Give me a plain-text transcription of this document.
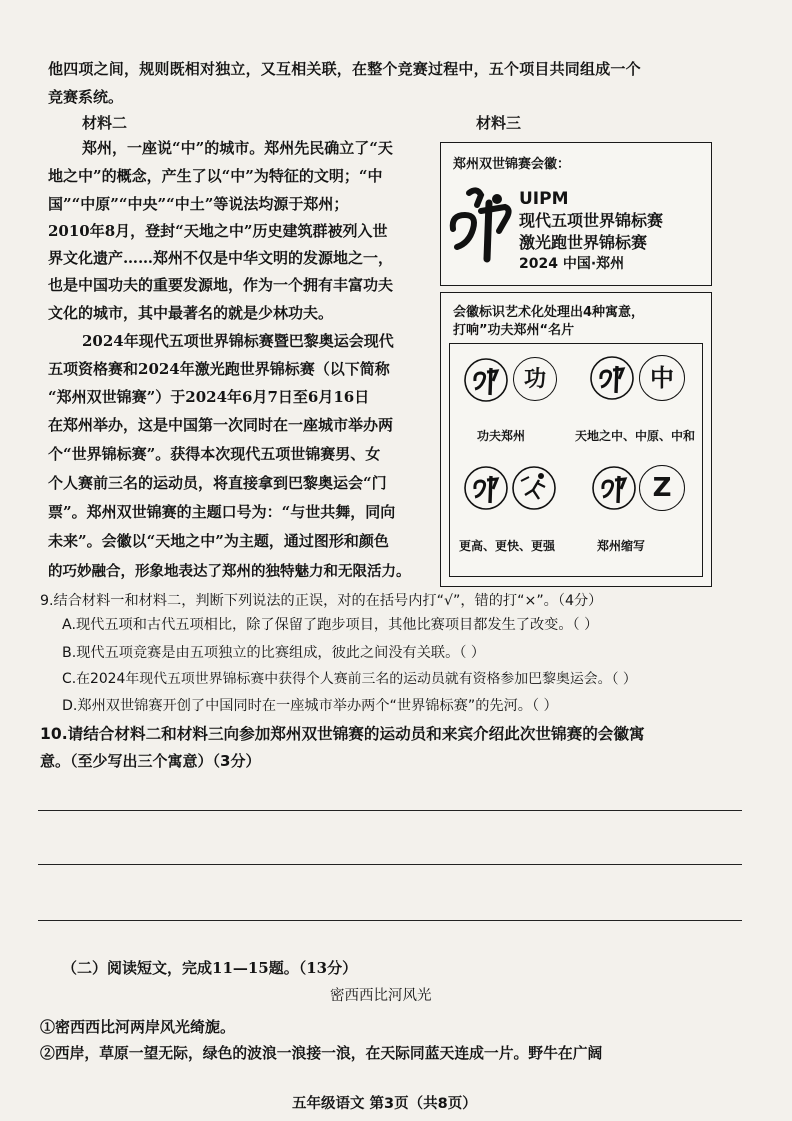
他四项之间，规则既相对独立，又互相关联，在整个竞赛过程中，五个项目共同组成一个
竞赛系统。
材料二
郑州，一座说“中”的城市。郑州先民确立了“天
地之中”的概念，产生了以“中”为特征的文明；“中
国”“中原”“中央”“中土”等说法均源于郑州；
2010年8月，登封“天地之中”历史建筑群被列入世
界文化遗产……郑州不仅是中华文明的发源地之一，
也是中国功夫的重要发源地，作为一个拥有丰富功夫
文化的城市，其中最著名的就是少林功夫。
2024年现代五项世界锦标赛暨巴黎奥运会现代
五项资格赛和2024年激光跑世界锦标赛（以下简称
“郑州双世锦赛”）于2024年6月7日至6月16日
在郑州举办，这是中国第一次同时在一座城市举办两
个“世界锦标赛”。获得本次现代五项世锦赛男、女
个人赛前三名的运动员，将直接拿到巴黎奥运会“门
票”。郑州双世锦赛的主题口号为：“与世共舞，同向
未来”。会徽以“天地之中”为主题，通过图形和颜色
的巧妙融合，形象地表达了郑州的独特魅力和无限活力。
材料三
郑州双世锦赛会徽：
UIPM
现代五项世界锦标赛
激光跑世界锦标赛
2024 中国·郑州
会徽标识艺术化处理出4种寓意，
打响”功夫郑州“名片
功
功夫郑州
中
天地之中、中原、中和
更高、更快、更强
Z
郑州缩写
9.结合材料一和材料二，判断下列说法的正误，对的在括号内打“√”，错的打“×”。（4分）
A.现代五项和古代五项相比，除了保留了跑步项目，其他比赛项目都发生了改变。（ ）
B.现代五项竞赛是由五项独立的比赛组成，彼此之间没有关联。（ ）
C.在2024年现代五项世界锦标赛中获得个人赛前三名的运动员就有资格参加巴黎奥运会。（ ）
D.郑州双世锦赛开创了中国同时在一座城市举办两个“世界锦标赛”的先河。（ ）
10.请结合材料二和材料三向参加郑州双世锦赛的运动员和来宾介绍此次世锦赛的会徽寓
意。（至少写出三个寓意）（3分）
（二）阅读短文，完成11—15题。（13分）
密西西比河风光
①密西西比河两岸风光绮旎。
②西岸，草原一望无际，绿色的波浪一浪接一浪，在天际同蓝天连成一片。野牛在广阔
五年级语文 第3页（共8页）
